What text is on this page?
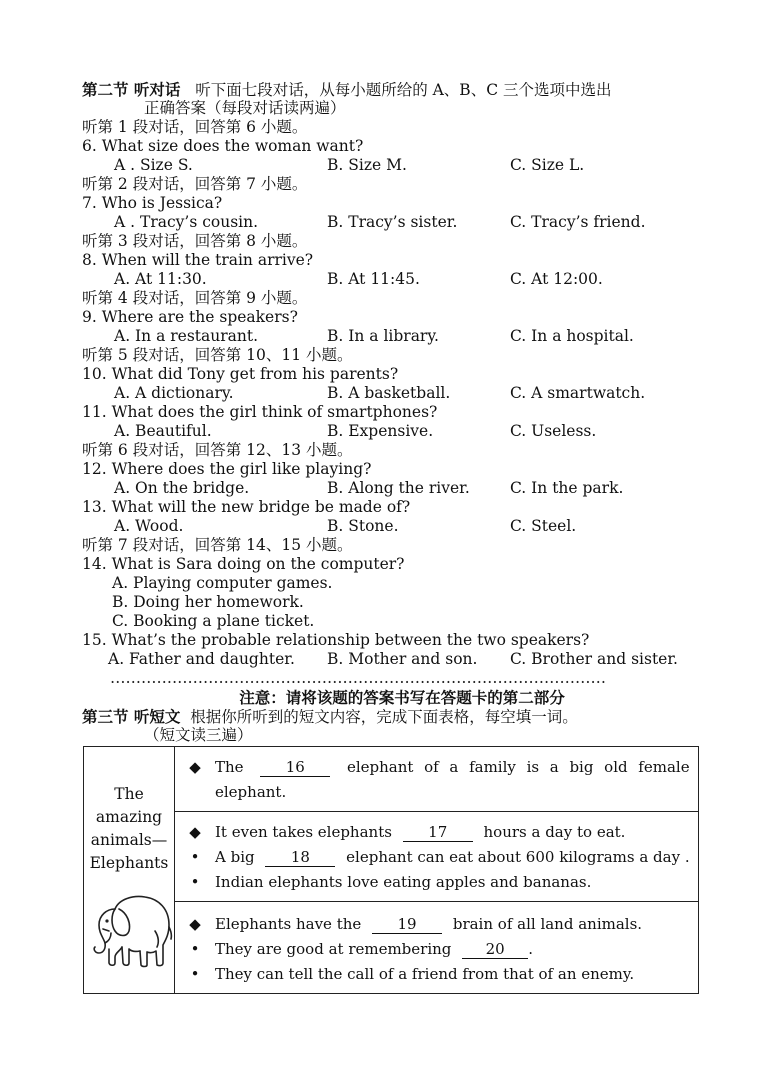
第二节 听对话 听下面七段对话，从每小题所给的 A、B、C 三个选项中选出
正确答案（每段对话读两遍）
听第 1 段对话，回答第 6 小题。
6. What size does the woman want?
A . Size S.	B. Size M.	C. Size L.
听第 2 段对话，回答第 7 小题。
7. Who is Jessica?
A . Tracy’s cousin.	B. Tracy’s sister.	C. Tracy’s friend.
听第 3 段对话，回答第 8 小题。
8. When will the train arrive?
A. At 11:30.	B. At 11:45.	C. At 12:00.
听第 4 段对话，回答第 9 小题。
9. Where are the speakers?
A. In a restaurant.	B. In a library.	C. In a hospital.
听第 5 段对话，回答第 10、11 小题。
10. What did Tony get from his parents?
A. A dictionary.	B. A basketball.	C. A smartwatch.
11. What does the girl think of smartphones?
A. Beautiful.	B. Expensive.	C. Useless.
听第 6 段对话，回答第 12、13 小题。
12. Where does the girl like playing?
A. On the bridge.	B. Along the river.	C. In the park.
13. What will the new bridge be made of?
A. Wood.	B. Stone.	C. Steel.
听第 7 段对话，回答第 14、15 小题。
14. What is Sara doing on the computer?
A. Playing computer games.
B. Doing her homework.
C. Booking a plane ticket.
15. What’s the probable relationship between the two speakers?
A. Father and daughter. B. Mother and son. C. Brother and sister.
……………………………………………………………………………………
注意：请将该题的答案书写在答题卡的第二部分
第三节 听短文 根据你所听到的短文内容，完成下面表格，每空填一词。
（短文读三遍）
The amazing
animals—
Elephants

◆ The	16	elephant of a family is a big old female elephant.

◆ It even takes elephants 17 hours a day to eat.
•	A big 18 elephant can eat about 600 kilograms a day .
•	Indian elephants love eating apples and bananas.

◆ Elephants have the 19 brain of all land animals.
•	They are good at remembering 20 .
•	They can tell the call of a friend from that of an enemy.
